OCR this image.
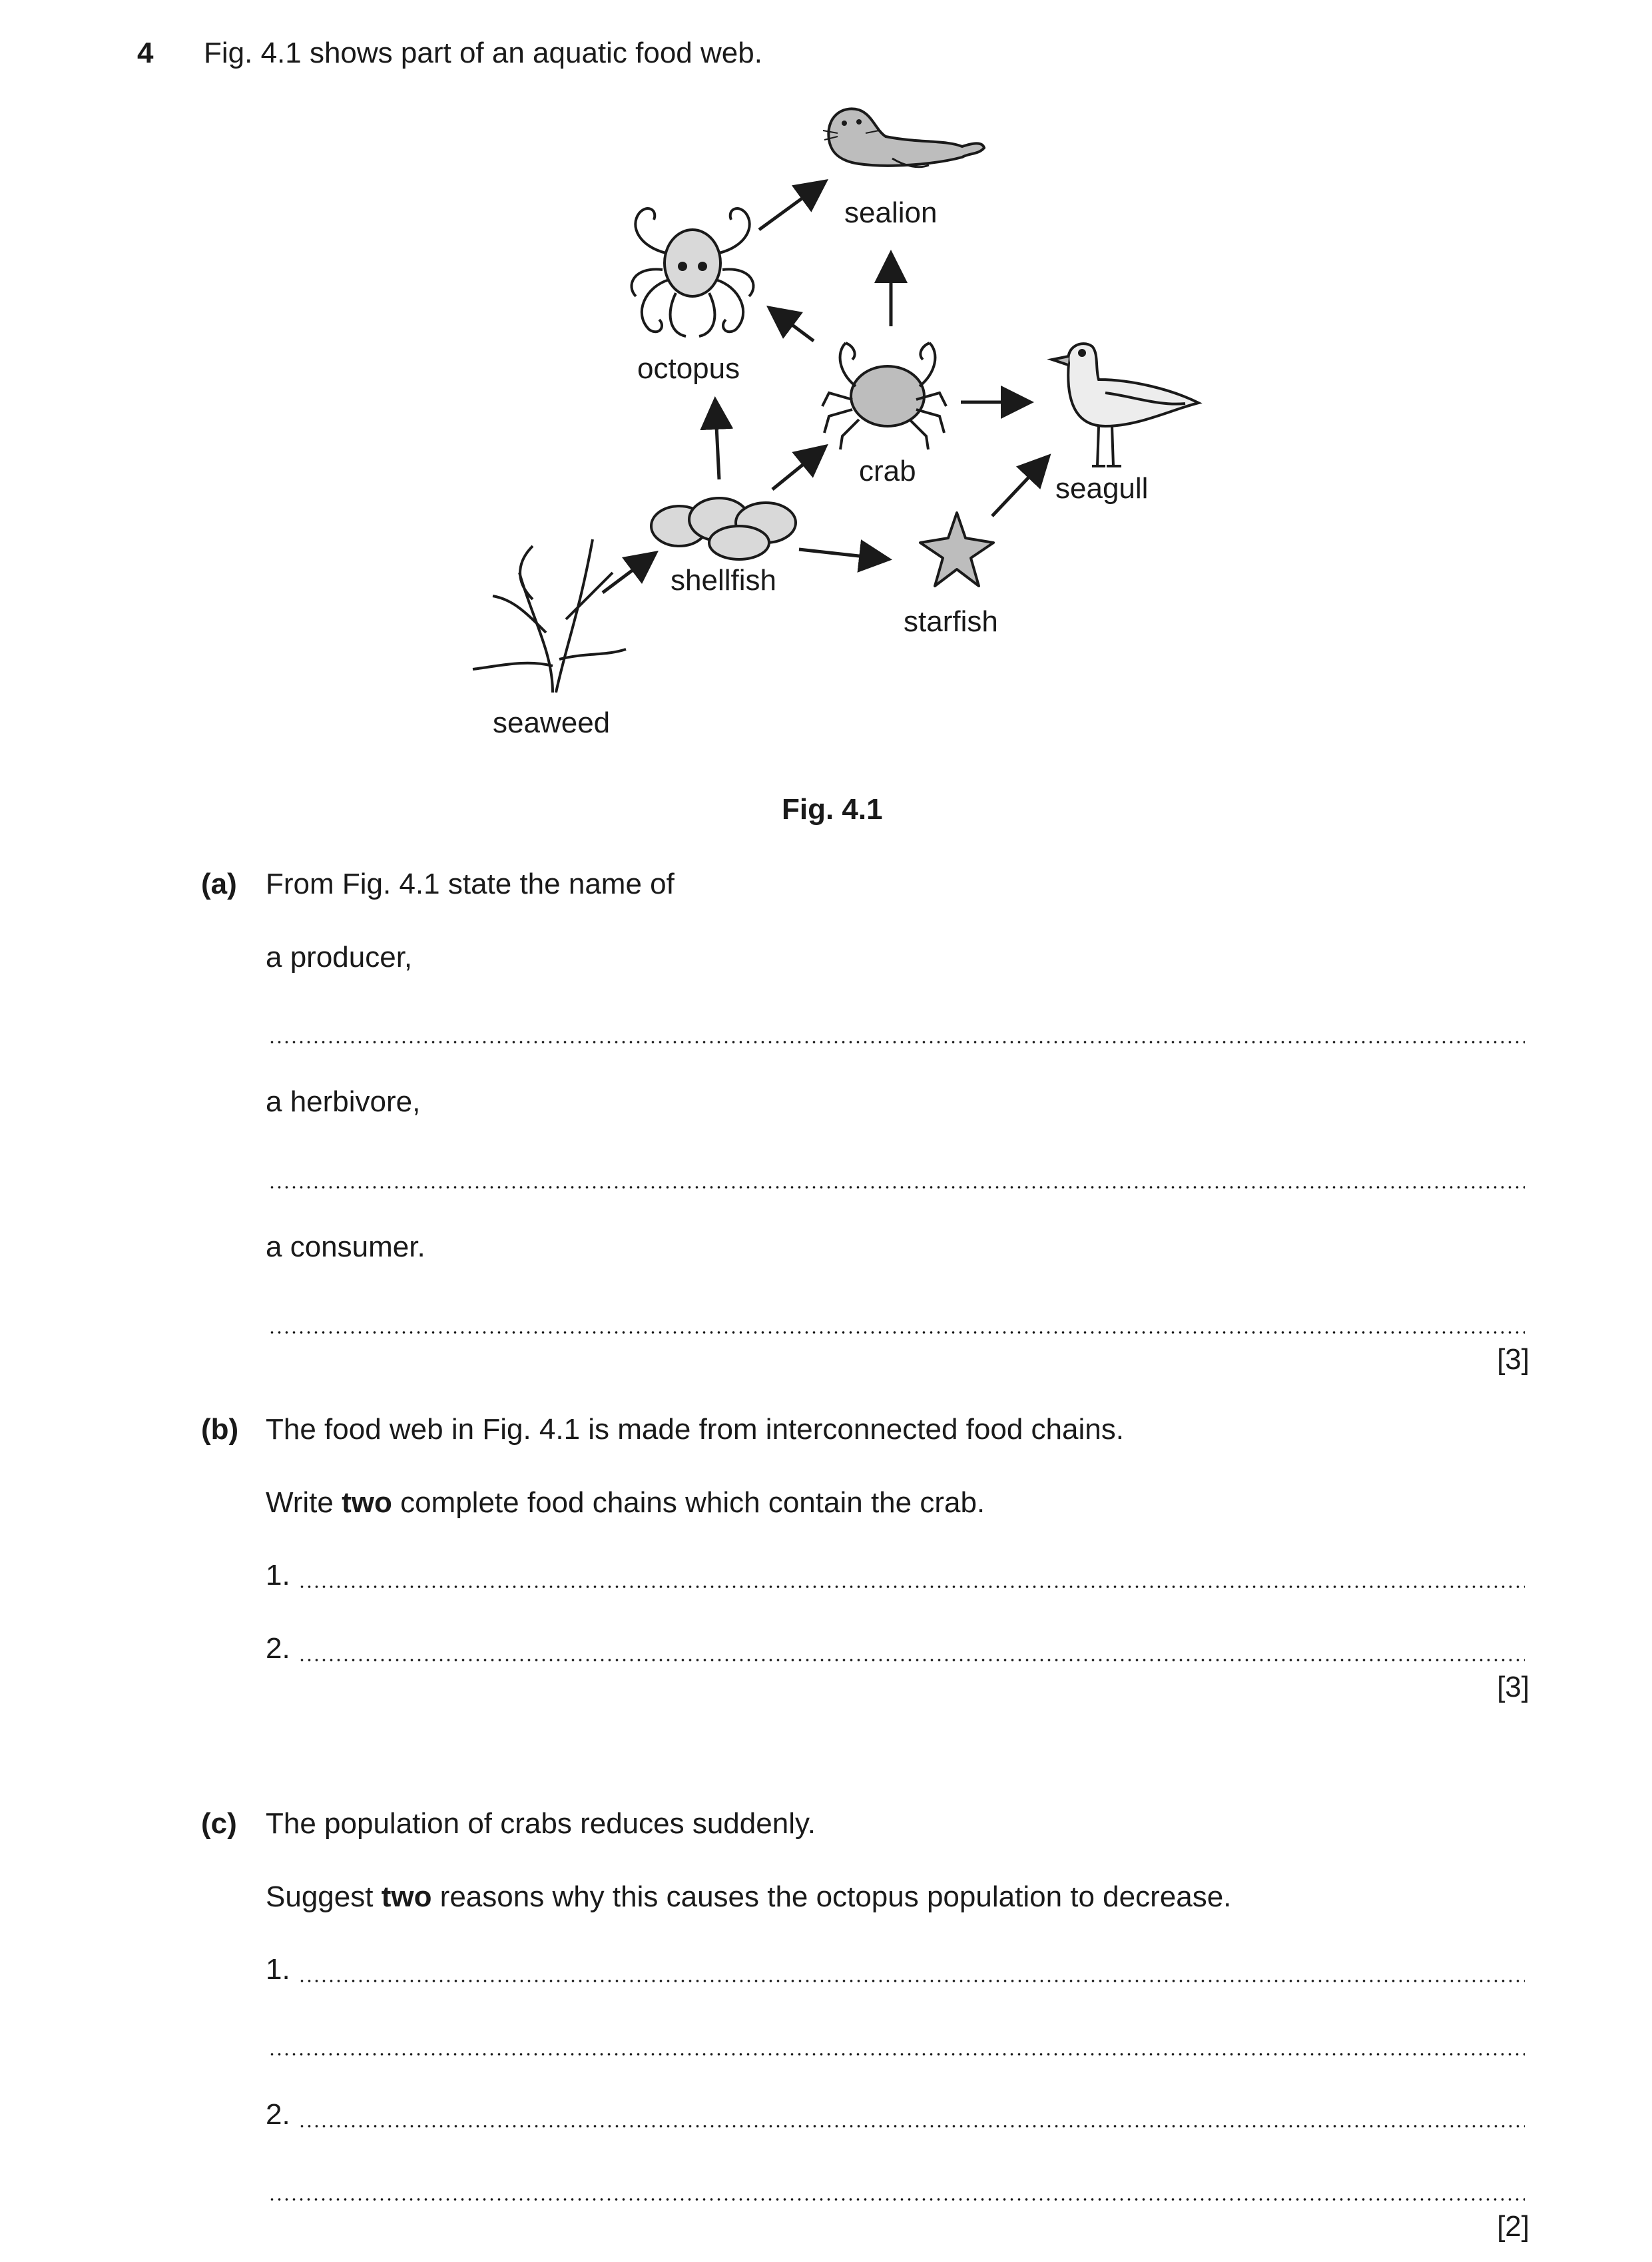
4 Fig. 4.1 shows part of an aquatic food web.
sealion
octopus
crab
seagull
shellfish
starfish
seaweed
Fig. 4.1
(a) From Fig. 4.1 state the name of
a producer,
a herbivore,
a consumer.
[3]
(b) The food web in Fig. 4.1 is made from interconnected food chains.
Write two complete food chains which contain the crab.
1.
2.
[3]
(c) The population of crabs reduces suddenly.
Suggest two reasons why this causes the octopus population to decrease.
1.
2.
[2]
